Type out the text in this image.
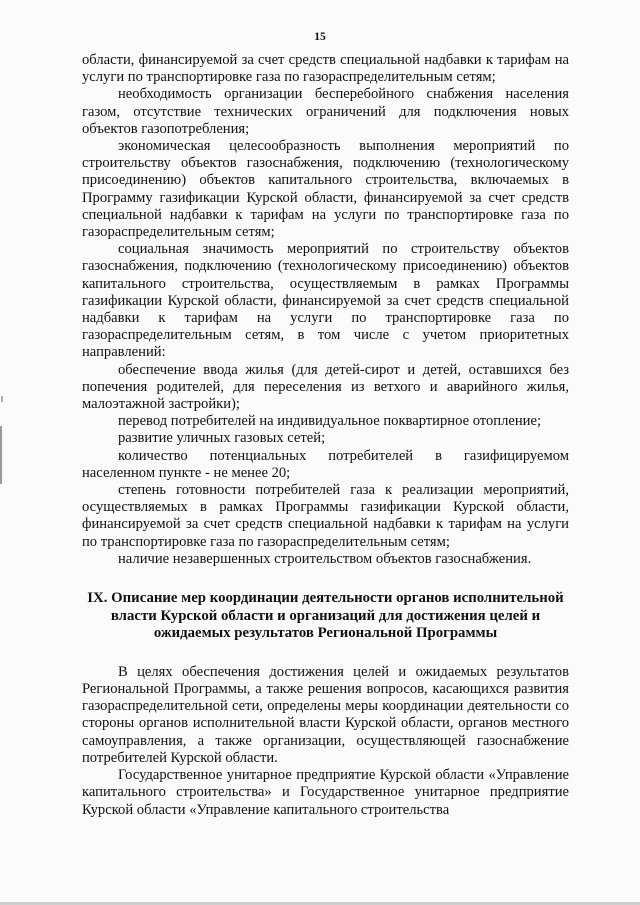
15

области, финансируемой за счет средств специальной надбавки к тарифам на услуги по транспортировке газа по газораспределительным сетям;

необходимость организации бесперебойного снабжения населения газом, отсутствие технических ограничений для подключения новых объектов газопотребления;

экономическая целесообразность выполнения мероприятий по строительству объектов газоснабжения, подключению (технологическому присоединению) объектов капитального строительства, включаемых в Программу газификации Курской области, финансируемой за счет средств специальной надбавки к тарифам на услуги по транспортировке газа по газораспределительным сетям;

социальная значимость мероприятий по строительству объектов газоснабжения, подключению (технологическому присоединению) объектов капитального строительства, осуществляемым в рамках Программы газификации Курской области, финансируемой за счет средств специальной надбавки к тарифам на услуги по транспортировке газа по газораспределительным сетям, в том числе с учетом приоритетных направлений:

обеспечение ввода жилья (для детей-сирот и детей, оставшихся без попечения родителей, для переселения из ветхого и аварийного жилья, малоэтажной застройки);

перевод потребителей на индивидуальное поквартирное отопление;

развитие уличных газовых сетей;

количество потенциальных потребителей в газифицируемом населенном пункте - не менее 20;

степень готовности потребителей газа к реализации мероприятий, осуществляемых в рамках Программы газификации Курской области, финансируемой за счет средств специальной надбавки к тарифам на услуги по транспортировке газа по газораспределительным сетям;

наличие незавершенных строительством объектов газоснабжения.

IX. Описание мер координации деятельности органов исполнительной власти Курской области и организаций для достижения целей и ожидаемых результатов Региональной Программы

В целях обеспечения достижения целей и ожидаемых результатов Региональной Программы, а также решения вопросов, касающихся развития газораспределительной сети, определены меры координации деятельности со стороны органов исполнительной власти Курской области, органов местного самоуправления, а также организации, осуществляющей газоснабжение потребителей Курской области.

Государственное унитарное предприятие Курской области «Управление капитального строительства» и Государственное унитарное предприятие Курской области «Управление капитального строительства
